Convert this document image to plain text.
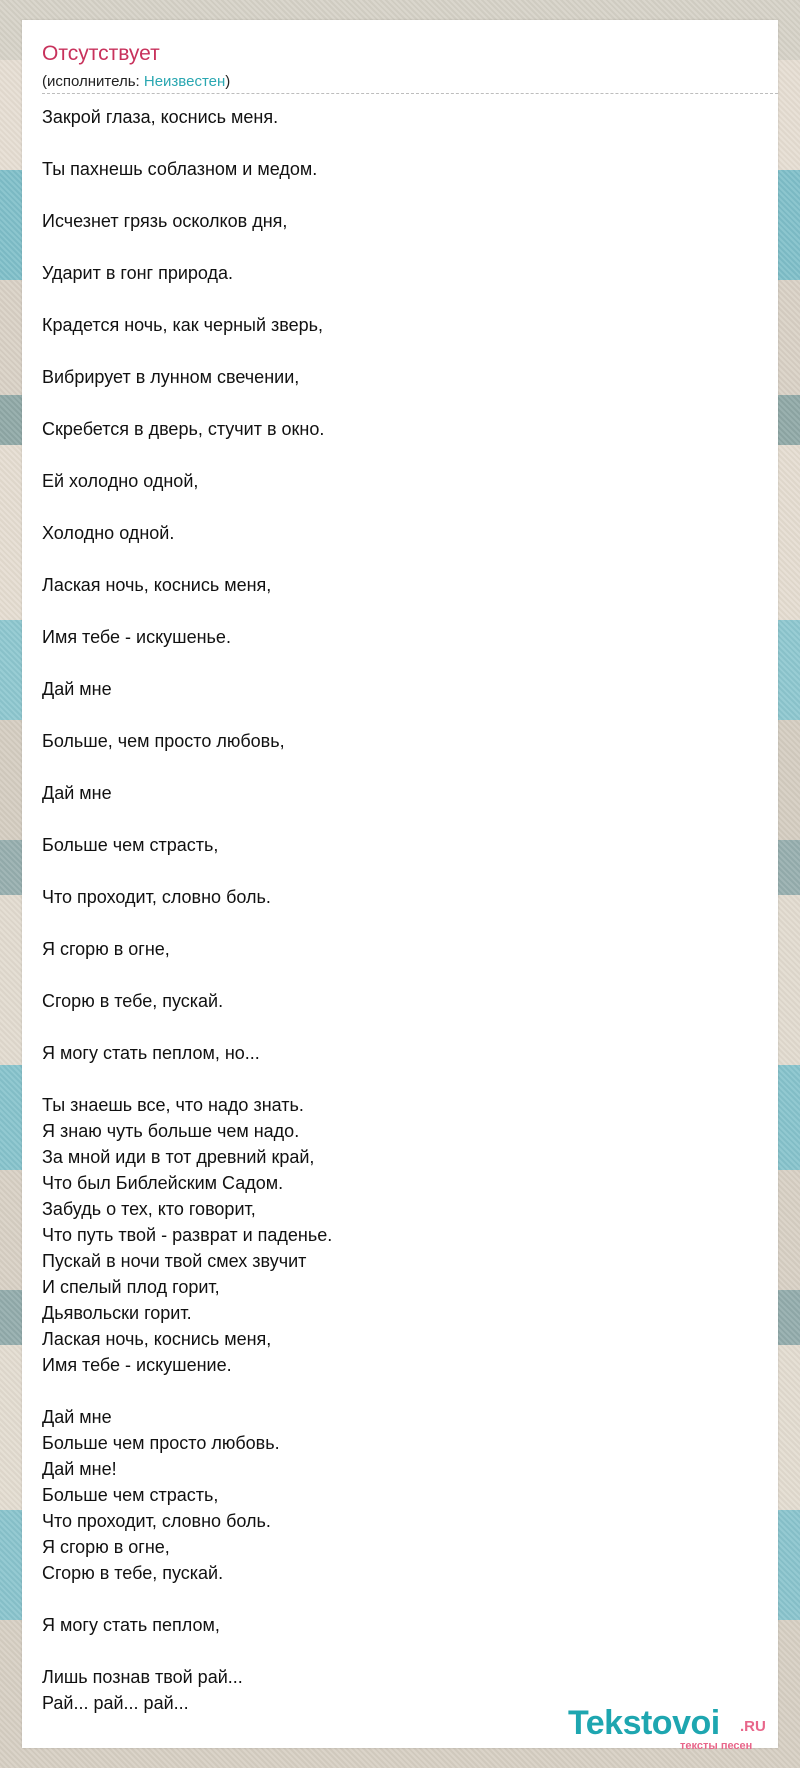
Отсутствует
(исполнитель: Неизвестен)
Закрой глаза, коснись меня.
Ты пахнешь соблазном и медом.
Исчезнет грязь осколков дня,
Ударит в гонг природа.
Крадется ночь, как черный зверь,
Вибрирует в лунном свечении,
Скребется в дверь, стучит в окно.
Ей холодно одной,
Холодно одной.
Ласкaя ночь, коснись меня,
Имя тебе - искушенье.
Дай мне
Больше, чем просто любовь,
Дай мне
Больше чем страсть,
Что проходит, словно боль.
Я сгорю в огне,
Сгорю в тебе, пускай.
Я могу стать пеплом, но...
Ты знаешь все, что надо знать.
Я знаю чуть больше чем надо.
За мной иди в тот древний край,
Что был Библейским Садом.
Забудь о тех, кто говорит,
Что путь твой - разврат и паденье.
Пускай в ночи твой смех звучит
И спелый плод горит,
Дьявольски горит.
Ласкaя ночь, коснись меня,
Имя тебе - искушение.
Дай мне
Больше чем просто любовь.
Дай мне!
Больше чем страсть,
Что проходит, словно боль.
Я сгорю в огне,
Сгорю в тебе, пускай.
Я могу стать пеплом,
Лишь познав твой рай...
Рай... рай... рай...
Tekstovoi .RU
тексты песен
